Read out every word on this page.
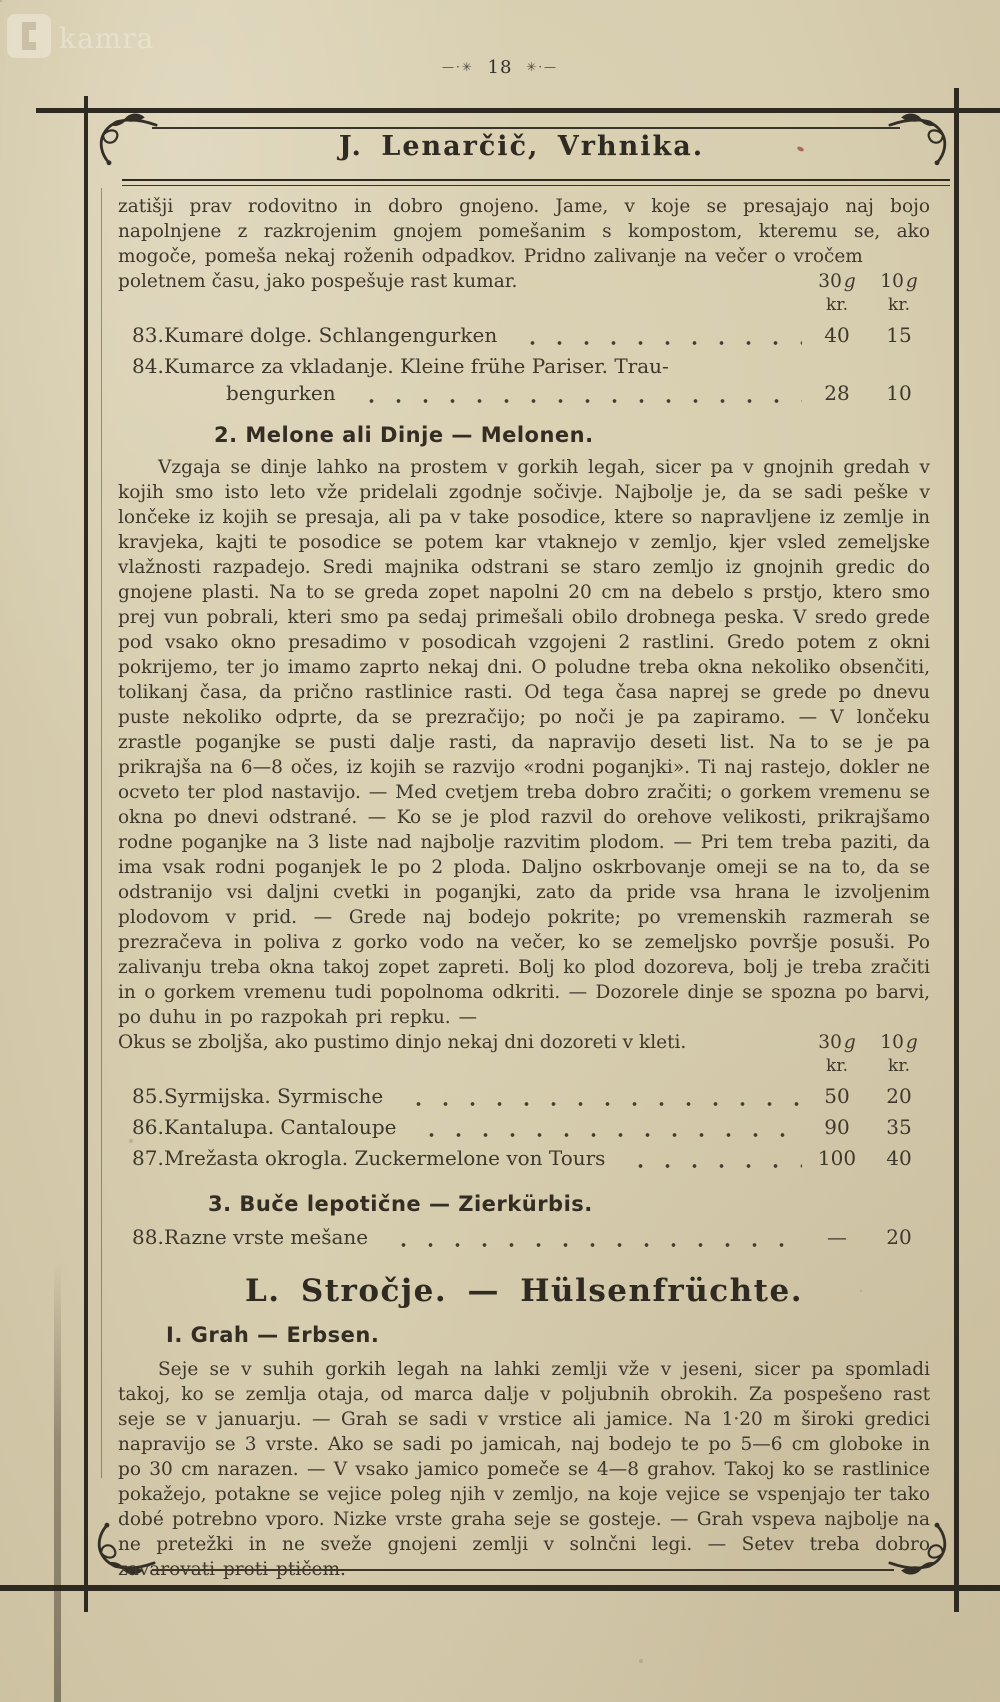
kamra
—·✳ 18 ✳·—
J. Lenarčič, Vrhnika.

zatišji prav rodovitno in dobro gnojeno. Jame, v koje se presajajo naj bojo napolnjene z razkrojenim gnojem pomešanim s kompostom, kteremu se, ako mogoče, pomeša nekaj roženih odpadkov. Pridno zalivanje na večer o vročem

poletnem času, jako pospešuje rast kumar.	30 g	10 g
kr.	kr.
83. Kumare dolge. Schlangengurken	40	15
84. Kumarce za vkladanje. Kleine frühe Pariser. Trau-
bengurken	28	10
2. Melone ali Dinje — Melonen.

Vzgaja se dinje lahko na prostem v gorkih legah, sicer pa v gnojnih gredah v kojih smo isto leto vže pridelali zgodnje sočivje. Najbolje je, da se sadi peške v lončeke iz kojih se presaja, ali pa v take posodice, ktere so napravljene iz zemlje in kravjeka, kajti te posodice se potem kar vtaknejo v zemljo, kjer vsled zemeljske vlažnosti razpadejo. Sredi majnika odstrani se staro zemljo iz gnojnih gredic do gnojene plasti. Na to se greda zopet napolni 20 cm na debelo s prstjo, ktero smo prej vun pobrali, kteri smo pa sedaj primešali obilo drobnega peska. V sredo grede pod vsako okno presadimo v posodicah vzgojeni 2 rastlini. Gredo potem z okni pokrijemo, ter jo imamo zaprto nekaj dni. O poludne treba okna nekoliko obsenčiti, tolikanj časa, da prično rastlinice rasti. Od tega časa naprej se grede po dnevu puste nekoliko odprte, da se prezračijo; po noči je pa zapiramo. — V lončeku zrastle poganjke se pusti dalje rasti, da napravijo deseti list. Na to se je pa prikrajša na 6—8 očes, iz kojih se razvijo «rodni poganjki». Ti naj rastejo, dokler ne ocveto ter plod nastavijo. — Med cvetjem treba dobro zračiti; o gorkem vremenu se okna po dnevi odstrané. — Ko se je plod razvil do orehove velikosti, prikrajšamo rodne poganjke na 3 liste nad najbolje razvitim plodom. — Pri tem treba paziti, da ima vsak rodni poganjek le po 2 ploda. Daljno oskrbovanje omeji se na to, da se odstranijo vsi daljni cvetki in poganjki, zato da pride vsa hrana le izvoljenim plodovom v prid. — Grede naj bodejo pokrite; po vremenskih razmerah se prezračeva in poliva z gorko vodo na večer, ko se zemeljsko površje posuši. Po zalivanju treba okna takoj zopet zapreti. Bolj ko plod dozoreva, bolj je treba zračiti in o gorkem vremenu tudi popolnoma odkriti. — Dozorele dinje se spozna po barvi, po duhu in po razpokah pri repku. —

Okus se zboljša, ako pustimo dinjo nekaj dni dozoreti v kleti.	30 g	10 g
kr.	kr.
85. Syrmijska. Syrmische	50	20
86. Kantalupa. Cantaloupe	90	35
87. Mrežasta okrogla. Zuckermelone von Tours	100	40
3. Buče lepotične — Zierkürbis.
88. Razne vrste mešane	—	20
L. Stročje. — Hülsenfrüchte.
I. Grah — Erbsen.

Seje se v suhih gorkih legah na lahki zemlji vže v jeseni, sicer pa spomladi takoj, ko se zemlja otaja, od marca dalje v poljubnih obrokih. Za pospešeno rast seje se v januarju. — Grah se sadi v vrstice ali jamice. Na 1·20 m široki gredici napravijo se 3 vrste. Ako se sadi po jamicah, naj bodejo te po 5—6 cm globoke in po 30 cm narazen. — V vsako jamico pomeče se 4—8 grahov. Takoj ko se rastlinice pokažejo, potakne se vejice poleg njih v zemljo, na koje vejice se vspenjajo ter tako dobé potrebno vporo. Nizke vrste graha seje se gosteje. — Grah vspeva najbolje na ne pretežki in ne sveže gnojeni zemlji v solnčni legi. — Setev treba dobro zavarovati proti ptičem.
